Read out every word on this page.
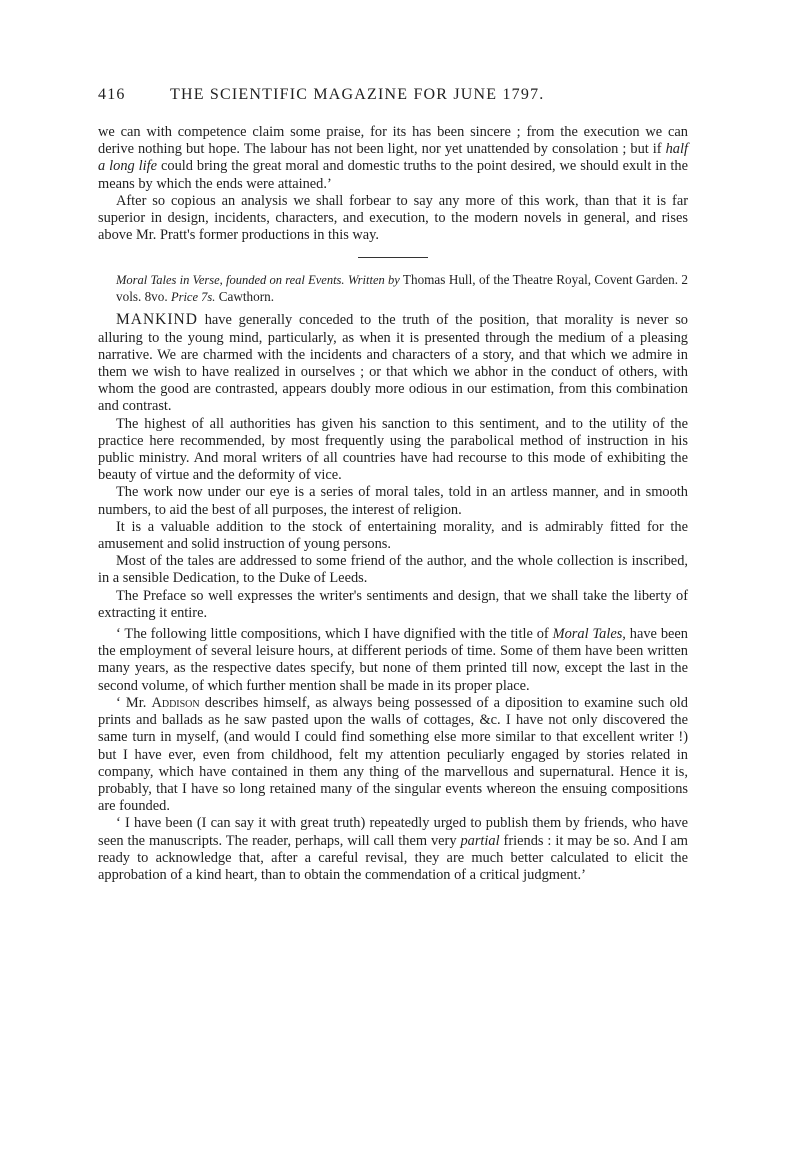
416	THE SCIENTIFIC MAGAZINE FOR JUNE 1797.

we can with competence claim some praise, for its has been sincere ; from the execution we can derive nothing but hope. The labour has not been light, nor yet unattended by consolation ; but if half a long life could bring the great moral and domestic truths to the point desired, we should exult in the means by which the ends were attained.’

After so copious an analysis we shall forbear to say any more of this work, than that it is far superior in design, incidents, characters, and execution, to the modern novels in general, and rises above Mr. Pratt's former productions in this way.

Moral Tales in Verse, founded on real Events. Written by Thomas Hull, of the Theatre Royal, Covent Garden. 2 vols. 8vo. Price 7s. Cawthorn.

MANKIND have generally conceded to the truth of the position, that morality is never so alluring to the young mind, particularly, as when it is presented through the medium of a pleasing narrative. We are charmed with the incidents and characters of a story, and that which we admire in them we wish to have realized in ourselves ; or that which we abhor in the conduct of others, with whom the good are contrasted, appears doubly more odious in our estimation, from this combination and contrast.

The highest of all authorities has given his sanction to this sentiment, and to the utility of the practice here recommended, by most frequently using the parabolical method of instruction in his public ministry. And moral writers of all countries have had recourse to this mode of exhibiting the beauty of virtue and the deformity of vice.

The work now under our eye is a series of moral tales, told in an artless manner, and in smooth numbers, to aid the best of all purposes, the interest of religion.

It is a valuable addition to the stock of entertaining morality, and is admirably fitted for the amusement and solid instruction of young persons.

Most of the tales are addressed to some friend of the author, and the whole collection is inscribed, in a sensible Dedication, to the Duke of Leeds.

The Preface so well expresses the writer's sentiments and design, that we shall take the liberty of extracting it entire.

‘ The following little compositions, which I have dignified with the title of Moral Tales, have been the employment of several leisure hours, at different periods of time. Some of them have been written many years, as the respective dates specify, but none of them printed till now, except the last in the second volume, of which further mention shall be made in its proper place.

‘ Mr. Addison describes himself, as always being possessed of a diposition to examine such old prints and ballads as he saw pasted upon the walls of cottages, &c. I have not only discovered the same turn in myself, (and would I could find something else more similar to that excellent writer !) but I have ever, even from childhood, felt my attention peculiarly engaged by stories related in company, which have contained in them any thing of the marvellous and supernatural. Hence it is, probably, that I have so long retained many of the singular events whereon the ensuing compositions are founded.

‘ I have been (I can say it with great truth) repeatedly urged to publish them by friends, who have seen the manuscripts. The reader, perhaps, will call them very partial friends : it may be so. And I am ready to acknowledge that, after a careful revisal, they are much better calculated to elicit the approbation of a kind heart, than to obtain the commendation of a critical judgment.’
